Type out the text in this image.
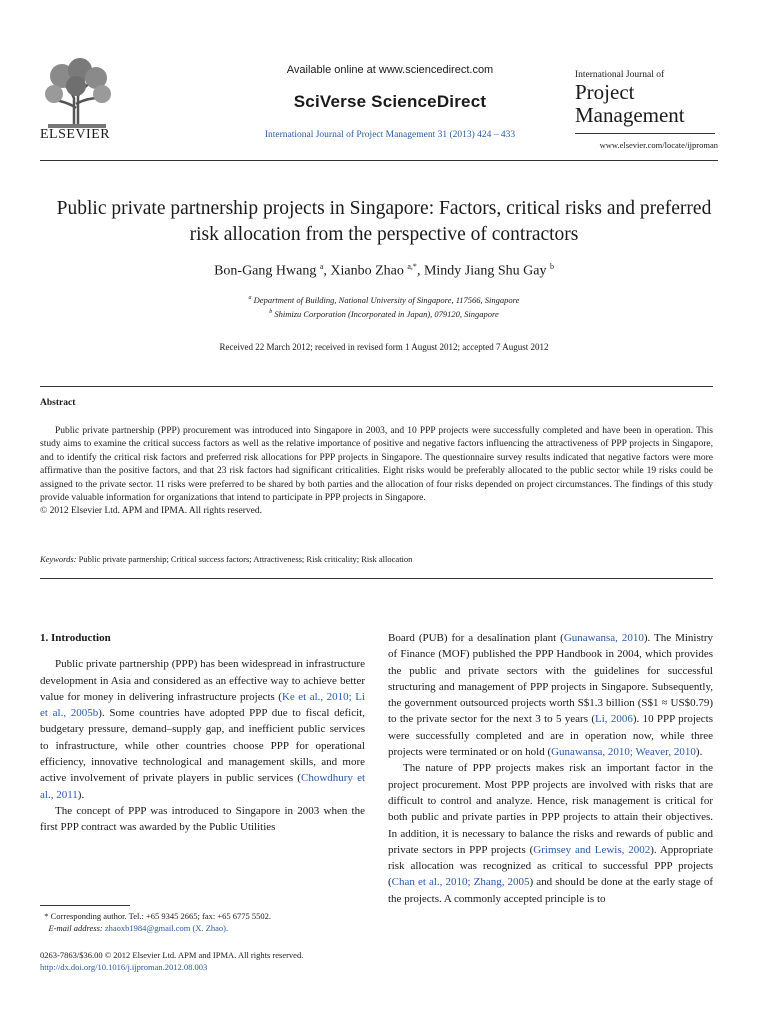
ELSEVIER
Available online at www.sciencedirect.com
SciVerse ScienceDirect
International Journal of Project Management 31 (2013) 424 – 433
International Journal of
Project
Management
www.elsevier.com/locate/ijproman
Public private partnership projects in Singapore: Factors, critical risks and preferred risk allocation from the perspective of contractors
Bon-Gang Hwang $^a$, Xianbo Zhao $^{a,*}$, Mindy Jiang Shu Gay $^b$
$^a$ Department of Building, National University of Singapore, 117566, Singapore
$^b$ Shimizu Corporation (Incorporated in Japan), 079120, Singapore
Received 22 March 2012; received in revised form 1 August 2012; accepted 7 August 2012
Abstract
Public private partnership (PPP) procurement was introduced into Singapore in 2003, and 10 PPP projects were successfully completed and have been in operation. This study aims to examine the critical success factors as well as the relative importance of positive and negative factors influencing the attractiveness of PPP projects in Singapore, and to identify the critical risk factors and preferred risk allocations for PPP projects in Singapore. The questionnaire survey results indicated that negative factors were more affirmative than the positive factors, and that 23 risk factors had significant criticalities. Eight risks would be preferably allocated to the public sector while 19 risks could be assigned to the private sector. 11 risks were preferred to be shared by both parties and the allocation of four risks depended on project circumstances. The findings of this study provide valuable information for organizations that intend to participate in PPP projects in Singapore.
© 2012 Elsevier Ltd. APM and IPMA. All rights reserved.
Keywords: Public private partnership; Critical success factors; Attractiveness; Risk criticality; Risk allocation
1. Introduction

Public private partnership (PPP) has been widespread in infrastructure development in Asia and considered as an effective way to achieve better value for money in delivering infrastructure projects (Ke et al., 2010; Li et al., 2005b). Some countries have adopted PPP due to fiscal deficit, budgetary pressure, demand–supply gap, and inefficient public services to infrastructure, while other countries choose PPP for operational efficiency, innovative technological and management skills, and more active involvement of private players in public services (Chowdhury et al., 2011).

The concept of PPP was introduced to Singapore in 2003 when the first PPP contract was awarded by the Public Utilities

Board (PUB) for a desalination plant (Gunawansa, 2010). The Ministry of Finance (MOF) published the PPP Handbook in 2004, which provides the public and private sectors with the guidelines for successful structuring and management of PPP projects in Singapore. Subsequently, the government outsourced projects worth S$1.3 billion (S$1 ≈ US$0.79) to the private sector for the next 3 to 5 years (Li, 2006). 10 PPP projects were successfully completed and are in operation now, while three projects were terminated or on hold (Gunawansa, 2010; Weaver, 2010).

The nature of PPP projects makes risk an important factor in the project procurement. Most PPP projects are involved with risks that are difficult to control and analyze. Hence, risk management is critical for both public and private parties in PPP projects to attain their objectives. In addition, it is necessary to balance the risks and rewards of public and private sectors in PPP projects (Grimsey and Lewis, 2002). Appropriate risk allocation was recognized as critical to successful PPP projects (Chan et al., 2010; Zhang, 2005) and should be done at the early stage of the projects. A commonly accepted principle is to

* Corresponding author. Tel.: +65 9345 2665; fax: +65 6775 5502.
E-mail address: zhaoxb1984@gmail.com (X. Zhao).
0263-7863/$36.00 © 2012 Elsevier Ltd. APM and IPMA. All rights reserved.
http://dx.doi.org/10.1016/j.ijproman.2012.08.003
